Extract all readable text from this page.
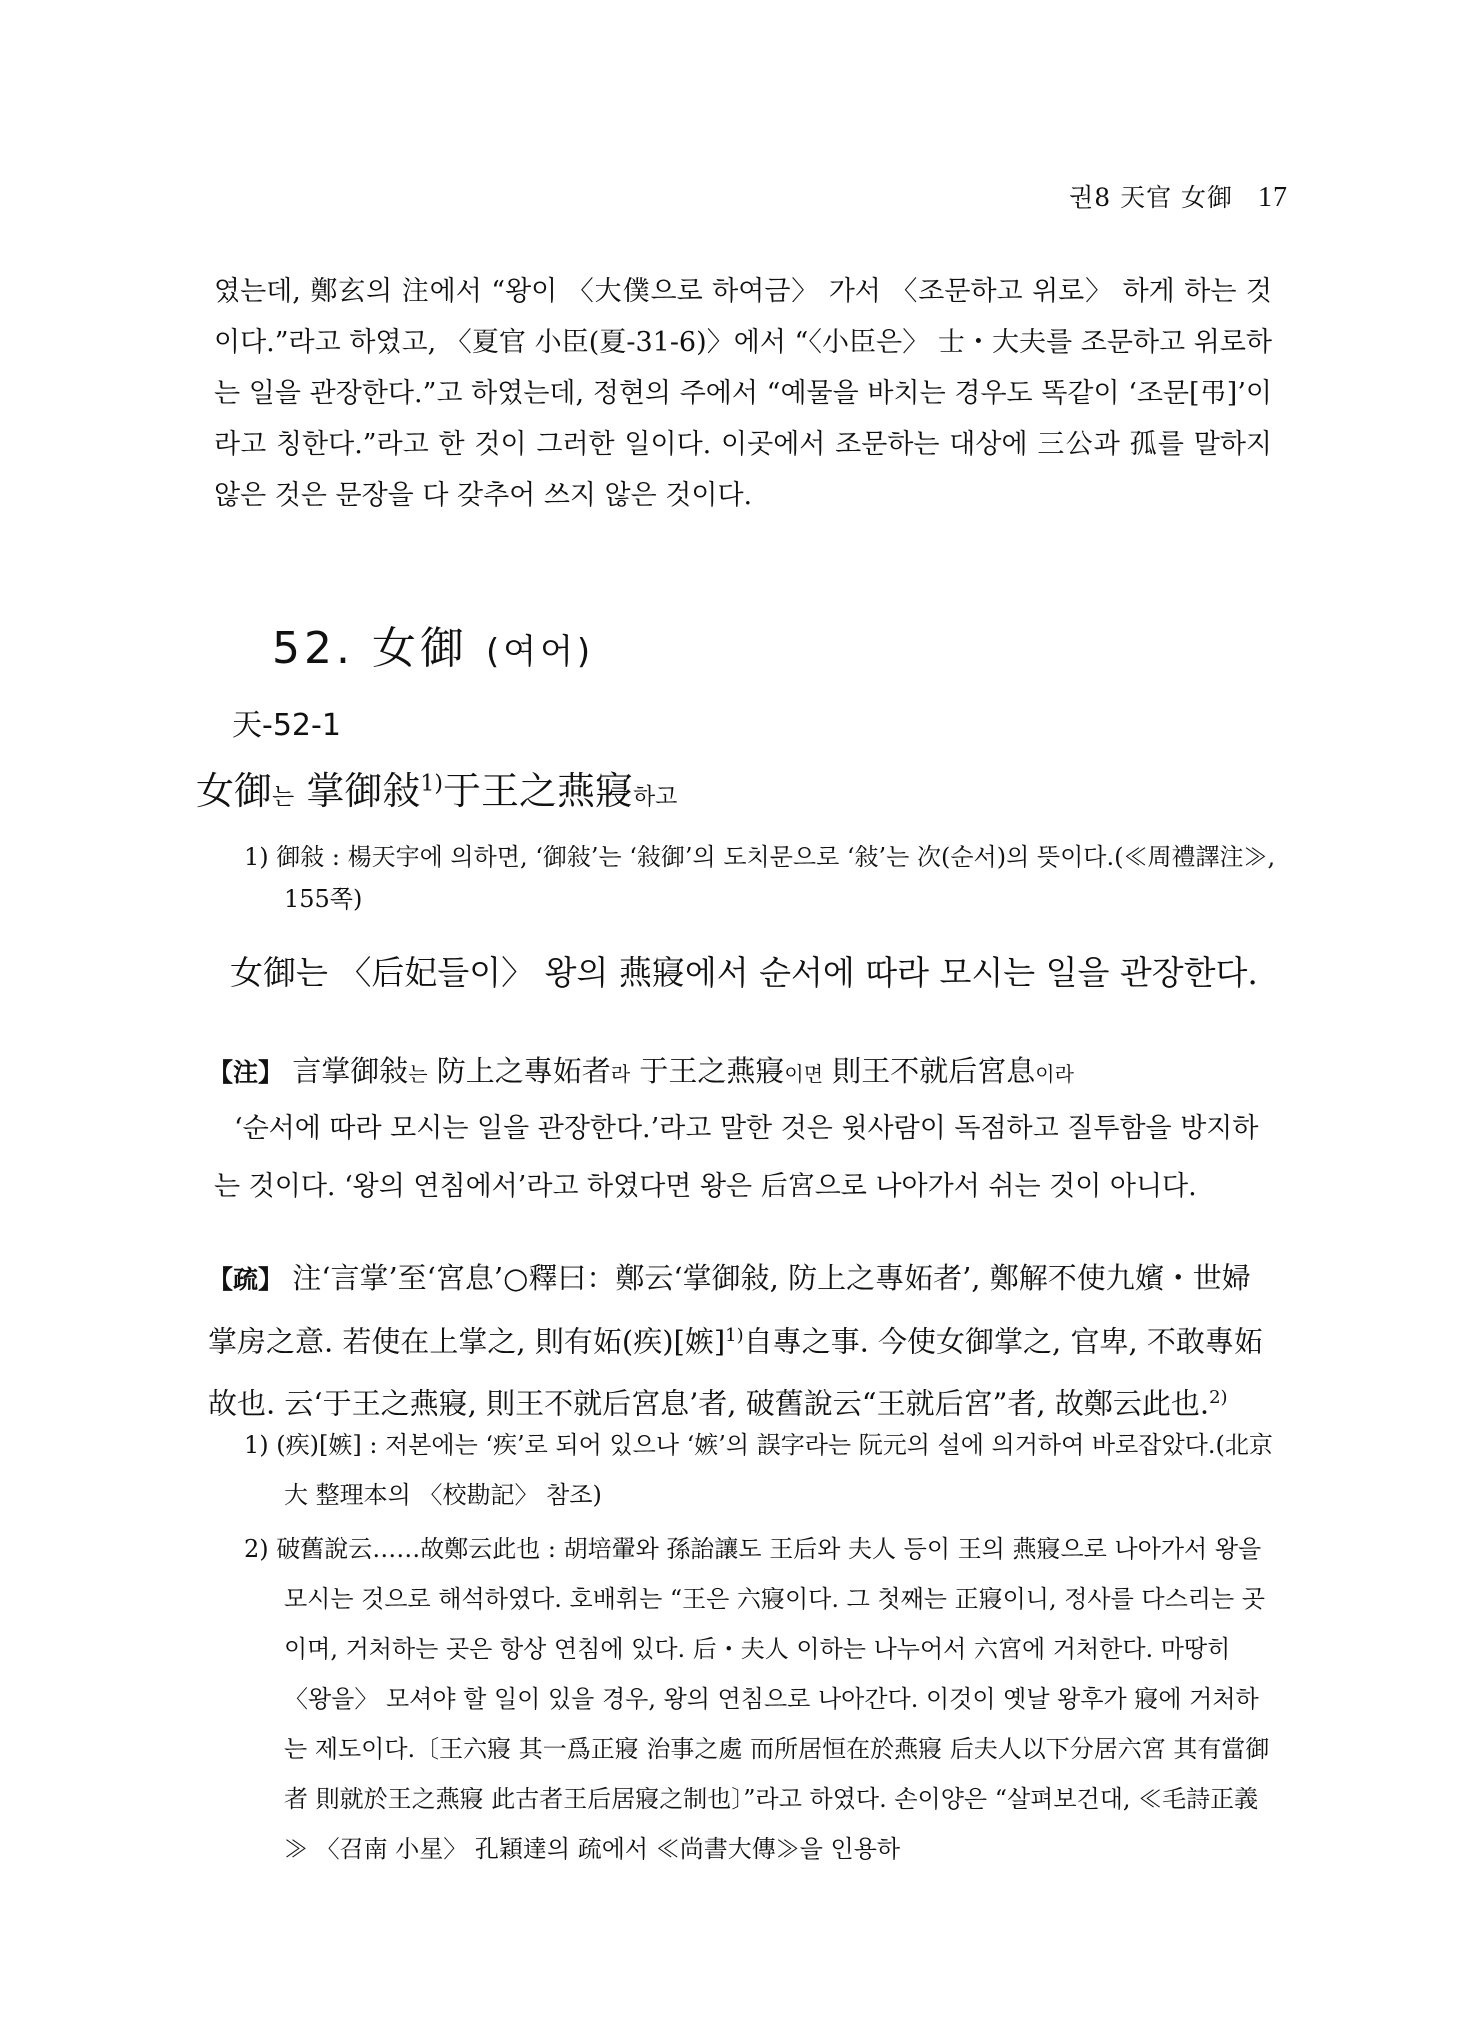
권8 天官 女御 17

였는데, 鄭玄의 注에서 “왕이 〈大僕으로 하여금〉 가서 〈조문하고 위로〉 하게 하는 것이다.”라고 하였고, 〈夏官 小臣(夏-31-6)〉에서 “〈小臣은〉 士・大夫를 조문하고 위로하는 일을 관장한다.”고 하였는데, 정현의 주에서 “예물을 바치는 경우도 똑같이 ‘조문[弔]’이라고 칭한다.”라고 한 것이 그러한 일이다. 이곳에서 조문하는 대상에 三公과 孤를 말하지 않은 것은 문장을 다 갖추어 쓰지 않은 것이다.

52. 女御 (여어)
天-52-1
女御는 掌御敍$^{1)}$于王之燕寢하고

1) 御敍 : 楊天宇에 의하면, ‘御敍’는 ‘敍御’의 도치문으로 ‘敍’는 次(순서)의 뜻이다.(≪周禮譯注≫, 155쪽)

女御는 〈后妃들이〉 왕의 燕寢에서 순서에 따라 모시는 일을 관장한다.

【注】 言掌御敍는 防上之專妬者라 于王之燕寢이면 則王不就后宮息이라

‘순서에 따라 모시는 일을 관장한다.’라고 말한 것은 윗사람이 독점하고 질투함을 방지하는 것이다. ‘왕의 연침에서’라고 하였다면 왕은 后宮으로 나아가서 쉬는 것이 아니다.

【疏】 注‘言掌’至‘宮息’○釋曰：鄭云‘掌御敍, 防上之專妬者’, 鄭解不使九嬪・世婦掌房之意. 若使在上掌之, 則有妬(疾)[嫉]$^{1)}$自專之事. 今使女御掌之, 官卑, 不敢專妬故也. 云‘于王之燕寢, 則王不就后宮息’者, 破舊說云“王就后宮”者, 故鄭云此也.$^{2)}$

1) (疾)[嫉] : 저본에는 ‘疾’로 되어 있으나 ‘嫉’의 誤字라는 阮元의 설에 의거하여 바로잡았다.(北京大 整理本의 〈校勘記〉 참조)
2) 破舊說云……故鄭云此也 : 胡培翬와 孫詒讓도 王后와 夫人 등이 王의 燕寢으로 나아가서 왕을 모시는 것으로 해석하였다. 호배휘는 “王은 六寢이다. 그 첫째는 正寢이니, 정사를 다스리는 곳이며, 거처하는 곳은 항상 연침에 있다. 后・夫人 이하는 나누어서 六宮에 거처한다. 마땅히 〈왕을〉 모셔야 할 일이 있을 경우, 왕의 연침으로 나아간다. 이것이 옛날 왕후가 寢에 거처하는 제도이다.〔王六寢 其一爲正寢 治事之處 而所居恒在於燕寢 后夫人以下分居六宮 其有當御者 則就於王之燕寢 此古者王后居寢之制也〕”라고 하였다. 손이양은 “살펴보건대, ≪毛詩正義≫ 〈召南 小星〉 孔穎達의 疏에서 ≪尚書大傳≫을 인용하
